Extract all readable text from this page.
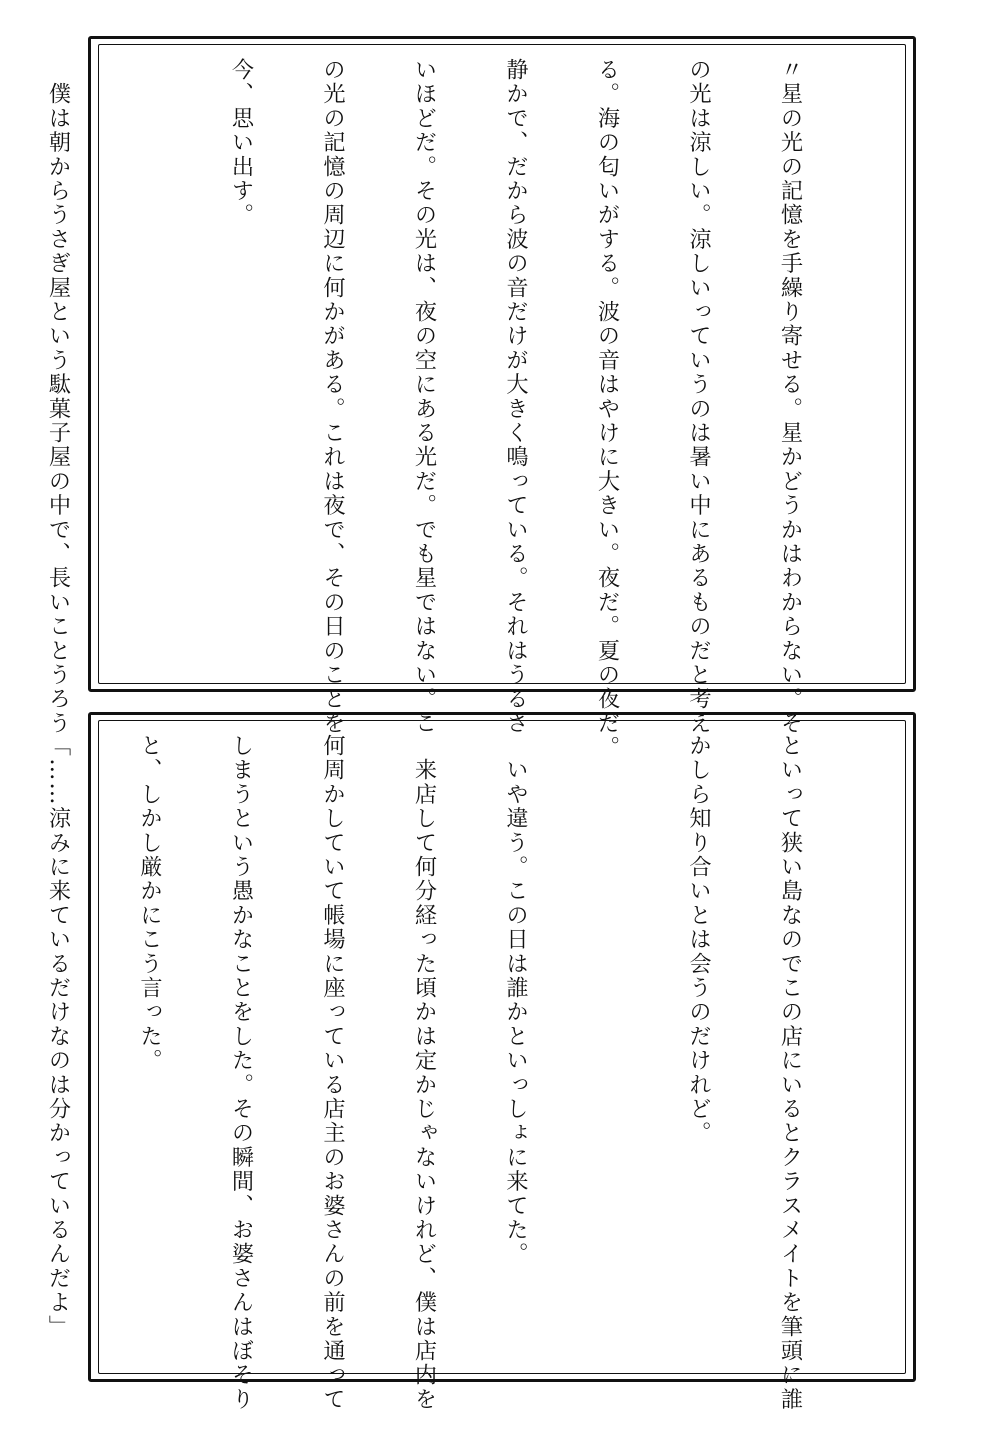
〃星の光の記憶を手繰り寄せる。星かどうかはわからない。そ

の光は涼しい。涼しいっていうのは暑い中にあるものだと考え

る。海の匂いがする。波の音はやけに大きい。夜だ。夏の夜だ。

静かで、だから波の音だけが大きく鳴っている。それはうるさ

いほどだ。その光は、夜の空にある光だ。でも星ではない。こ

の光の記憶の周辺に何かがある。これは夜で、その日のことを

今、思い出す。

　僕は朝からうさぎ屋という駄菓子屋の中で、長いことうろう

といって狭い島なのでこの店にいるとクラスメイトを筆頭に誰

かしら知り合いとは会うのだけれど。

　いや違う。この日は誰かといっしょに来てた。

　来店して何分経った頃かは定かじゃないけれど、僕は店内を

何周かしていて帳場に座っている店主のお婆さんの前を通って

しまうという愚かなことをした。その瞬間、お婆さんはぼそり

と、しかし厳かにこう言った。

「……涼みに来ているだけなのは分かっているんだよ」
